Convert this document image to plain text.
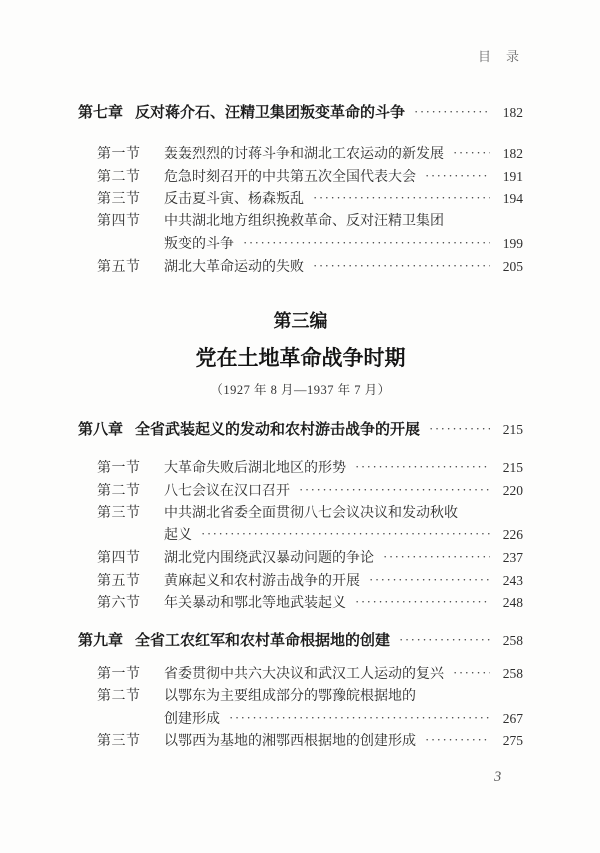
目　录
第七章 反对蒋介石、汪精卫集团叛变革命的斗争 ·····	182
第一节	轰轰烈烈的讨蒋斗争和湖北工农运动的新发展 ·····	182
第二节	危急时刻召开的中共第五次全国代表大会 ·····	191
第三节	反击夏斗寅、杨森叛乱 ·····	194
第四节	中共湖北地方组织挽救革命、反对汪精卫集团
叛变的斗争 ·····	199
第五节	湖北大革命运动的失败 ·····	205
第三编
党在土地革命战争时期
（1927 年 8 月—1937 年 7 月）
第八章 全省武装起义的发动和农村游击战争的开展 ·····	215
第一节	大革命失败后湖北地区的形势 ·····	215
第二节	八七会议在汉口召开 ·····	220
第三节	中共湖北省委全面贯彻八七会议决议和发动秋收
起义 ·····	226
第四节	湖北党内围绕武汉暴动问题的争论 ·····	237
第五节	黄麻起义和农村游击战争的开展 ·····	243
第六节	年关暴动和鄂北等地武装起义 ·····	248
第九章 全省工农红军和农村革命根据地的创建 ·····	258
第一节	省委贯彻中共六大决议和武汉工人运动的复兴 ·····	258
第二节	以鄂东为主要组成部分的鄂豫皖根据地的
创建形成 ·····	267
第三节	以鄂西为基地的湘鄂西根据地的创建形成 ·····	275
3
